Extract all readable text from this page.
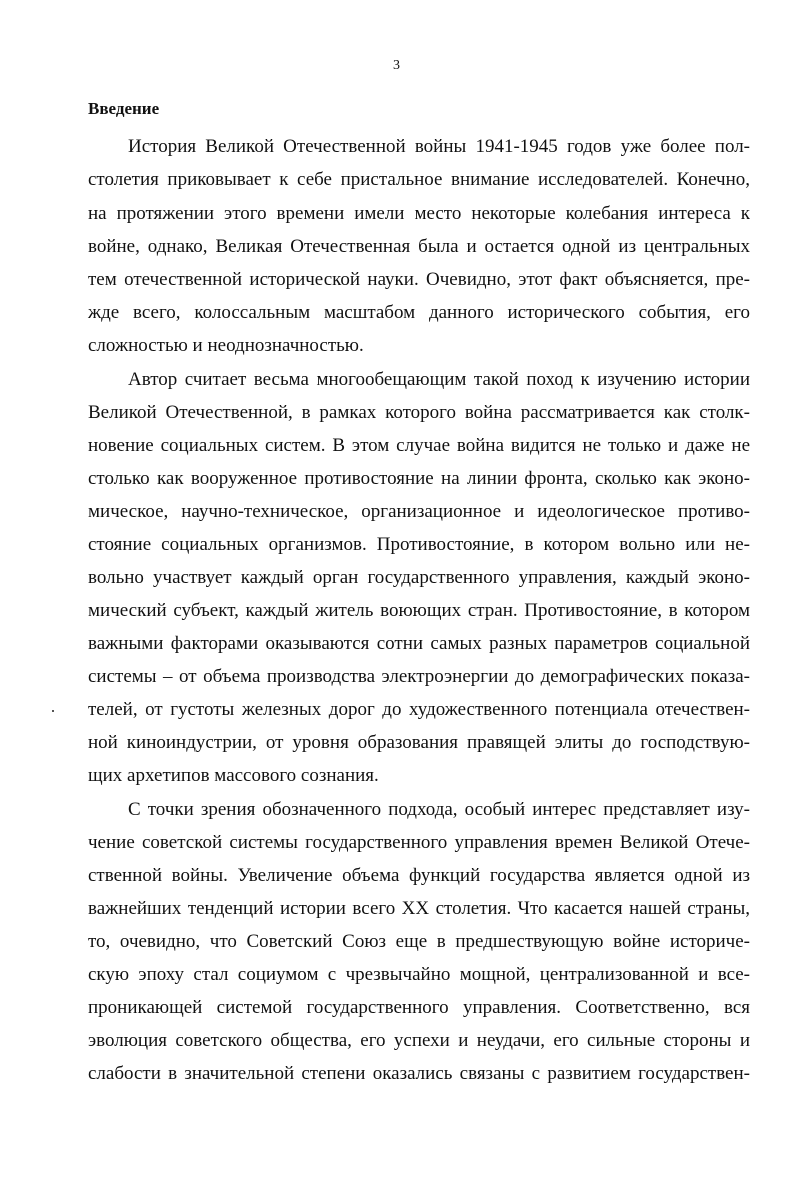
3
Введение
История Великой Отечественной войны 1941-1945 годов уже более пол-
столетия приковывает к себе пристальное внимание исследователей. Конечно,
на протяжении этого времени имели место некоторые колебания интереса к
войне, однако, Великая Отечественная была и остается одной из центральных
тем отечественной исторической науки. Очевидно, этот факт объясняется, пре-
жде всего, колоссальным масштабом данного исторического события, его
сложностью и неоднозначностью.
Автор считает весьма многообещающим такой поход к изучению истории
Великой Отечественной, в рамках которого война рассматривается как столк-
новение социальных систем. В этом случае война видится не только и даже не
столько как вооруженное противостояние на линии фронта, сколько как эконо-
мическое, научно-техническое, организационное и идеологическое противо-
стояние социальных организмов. Противостояние, в котором вольно или не-
вольно участвует каждый орган государственного управления, каждый эконо-
мический субъект, каждый житель воюющих стран. Противостояние, в котором
важными факторами оказываются сотни самых разных параметров социальной
системы – от объема производства электроэнергии до демографических показа-
телей, от густоты железных дорог до художественного потенциала отечествен-
ной киноиндустрии, от уровня образования правящей элиты до господствую-
щих архетипов массового сознания.
С точки зрения обозначенного подхода, особый интерес представляет изу-
чение советской системы государственного управления времен Великой Отече-
ственной войны. Увеличение объема функций государства является одной из
важнейших тенденций истории всего XX столетия. Что касается нашей страны,
то, очевидно, что Советский Союз еще в предшествующую войне историче-
скую эпоху стал социумом с чрезвычайно мощной, централизованной и все-
проникающей системой государственного управления. Соответственно, вся
эволюция советского общества, его успехи и неудачи, его сильные стороны и
слабости в значительной степени оказались связаны с развитием государствен-
